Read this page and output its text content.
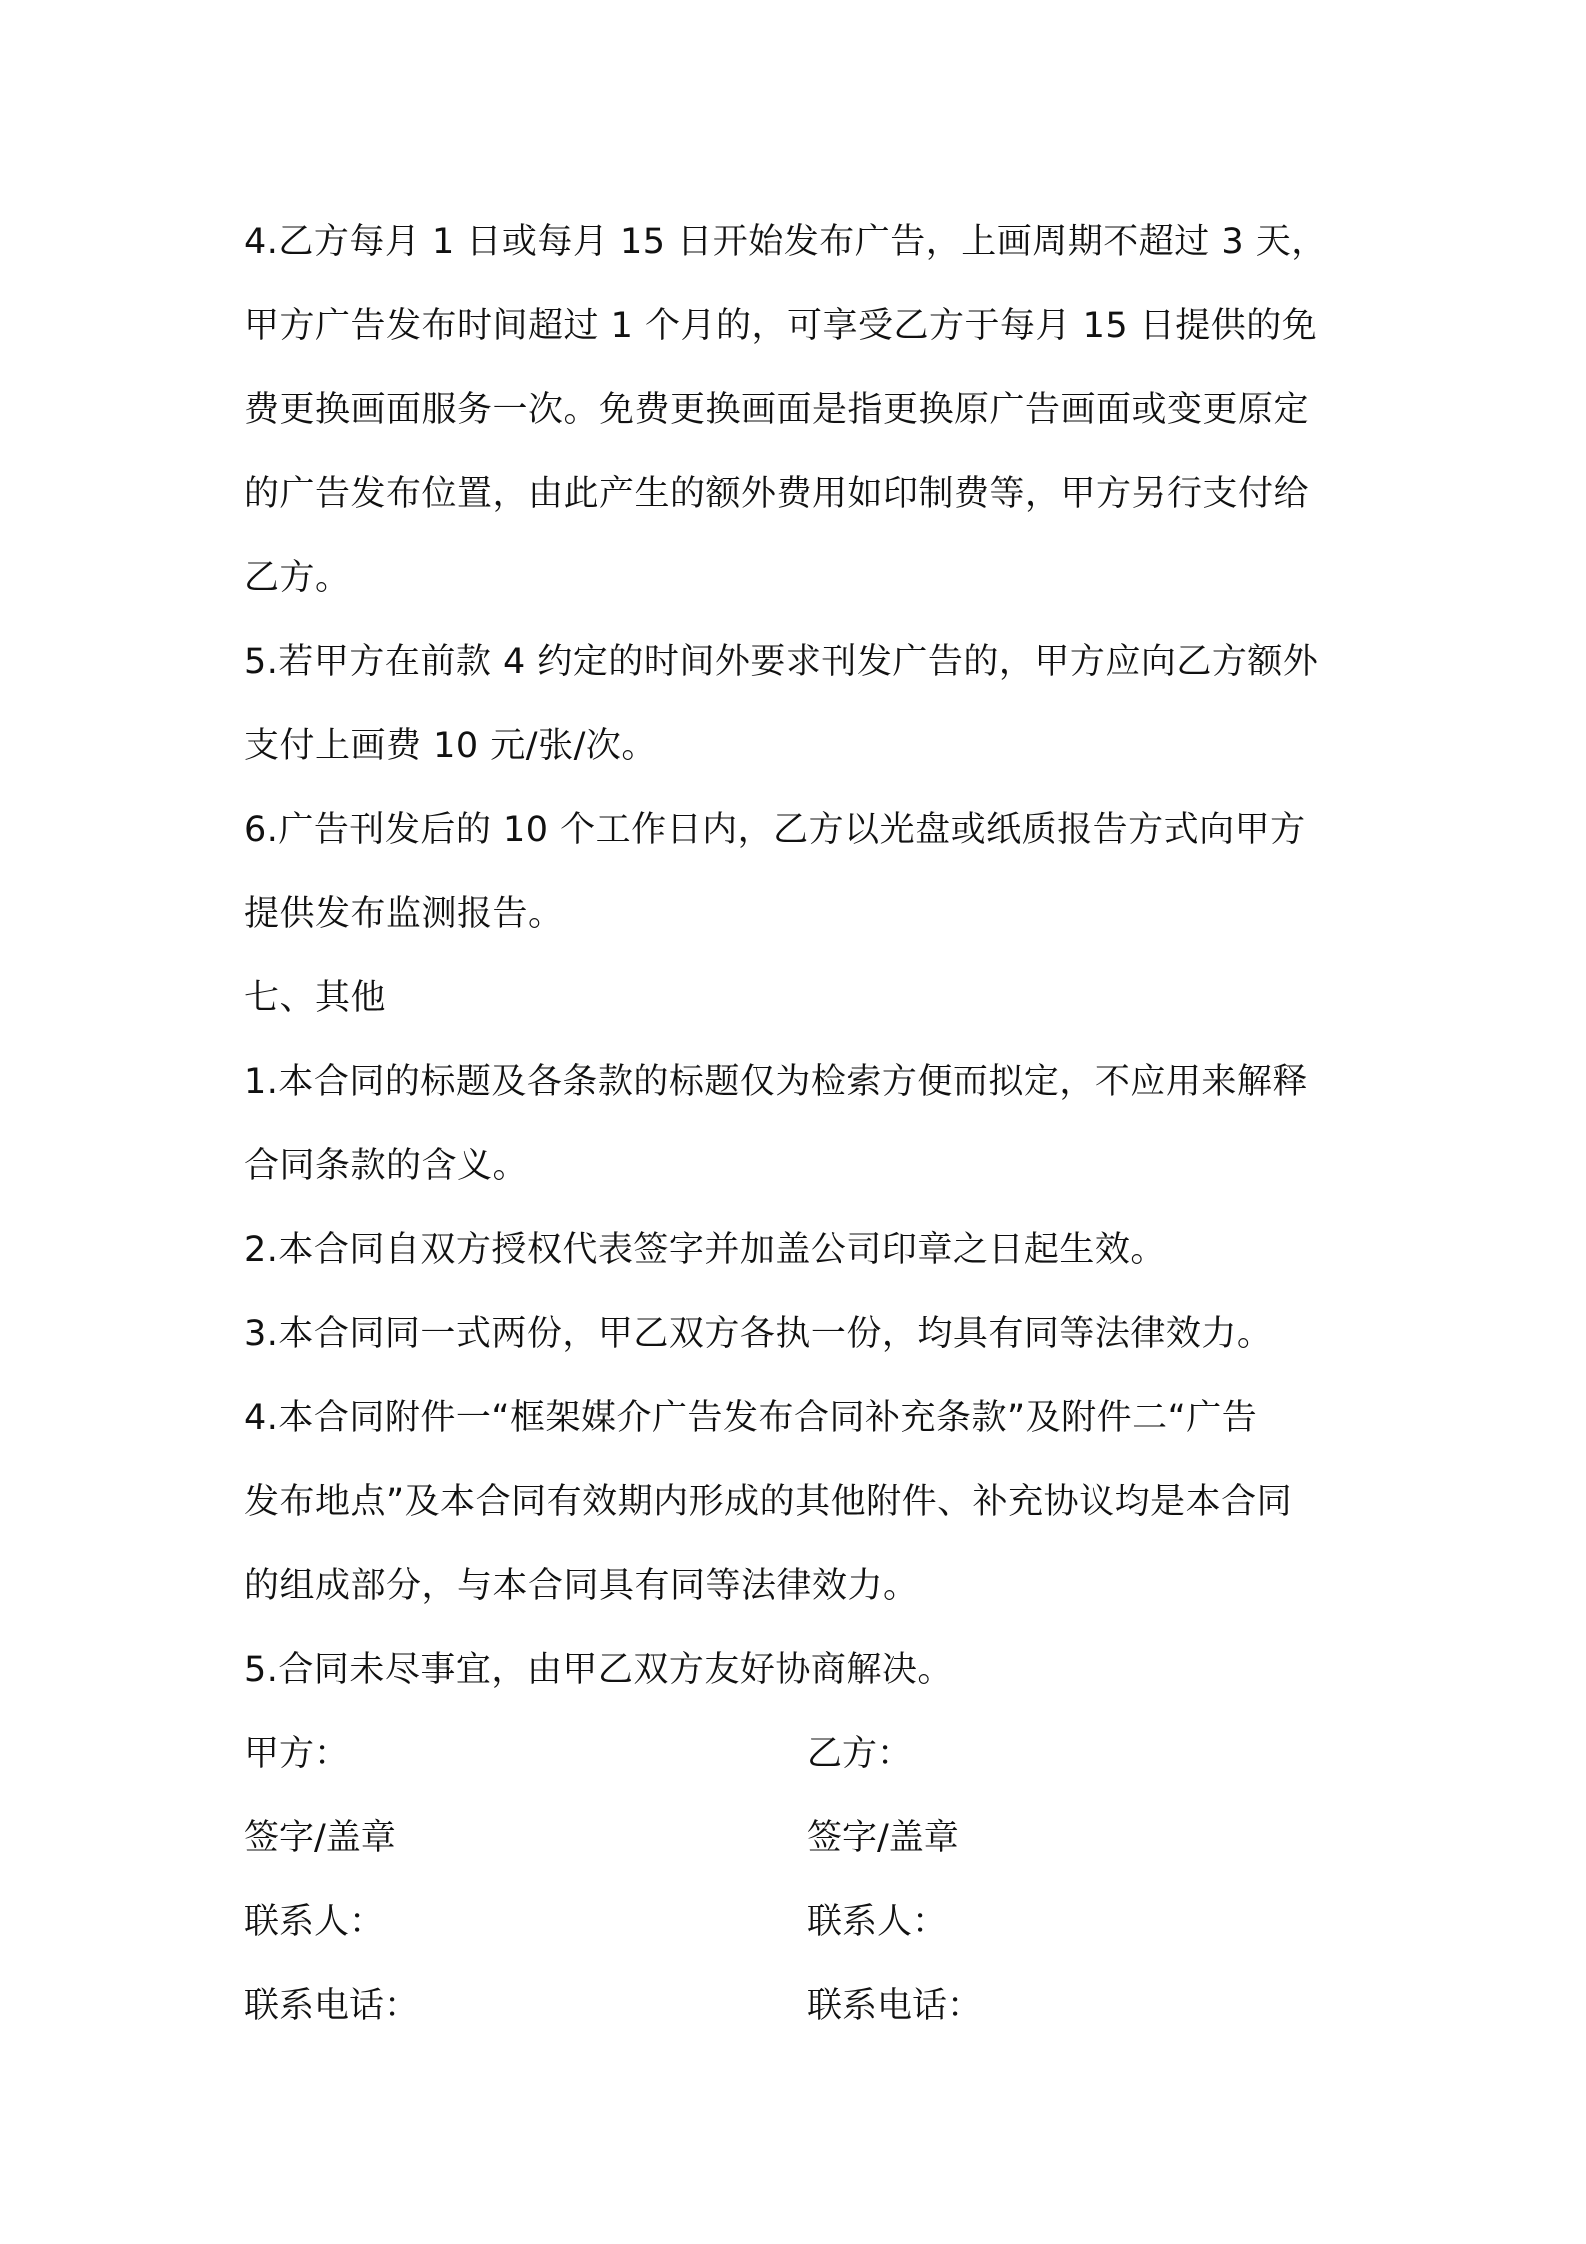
4.乙方每月 1 日或每月 15 日开始发布广告，上画周期不超过 3 天，
甲方广告发布时间超过 1 个月的，可享受乙方于每月 15 日提供的免
费更换画面服务一次。免费更换画面是指更换原广告画面或变更原定
的广告发布位置，由此产生的额外费用如印制费等，甲方另行支付给
乙方。
5.若甲方在前款 4 约定的时间外要求刊发广告的，甲方应向乙方额外
支付上画费 10 元/张/次。
6.广告刊发后的 10 个工作日内，乙方以光盘或纸质报告方式向甲方
提供发布监测报告。
七、其他
1.本合同的标题及各条款的标题仅为检索方便而拟定，不应用来解释
合同条款的含义。
2.本合同自双方授权代表签字并加盖公司印章之日起生效。
3.本合同同一式两份，甲乙双方各执一份，均具有同等法律效力。
4.本合同附件一“框架媒介广告发布合同补充条款”及附件二“广告
发布地点”及本合同有效期内形成的其他附件、补充协议均是本合同
的组成部分，与本合同具有同等法律效力。
5.合同未尽事宜，由甲乙双方友好协商解决。
甲方：	乙方：
签字/盖章	签字/盖章
联系人：	联系人：
联系电话：	联系电话：
